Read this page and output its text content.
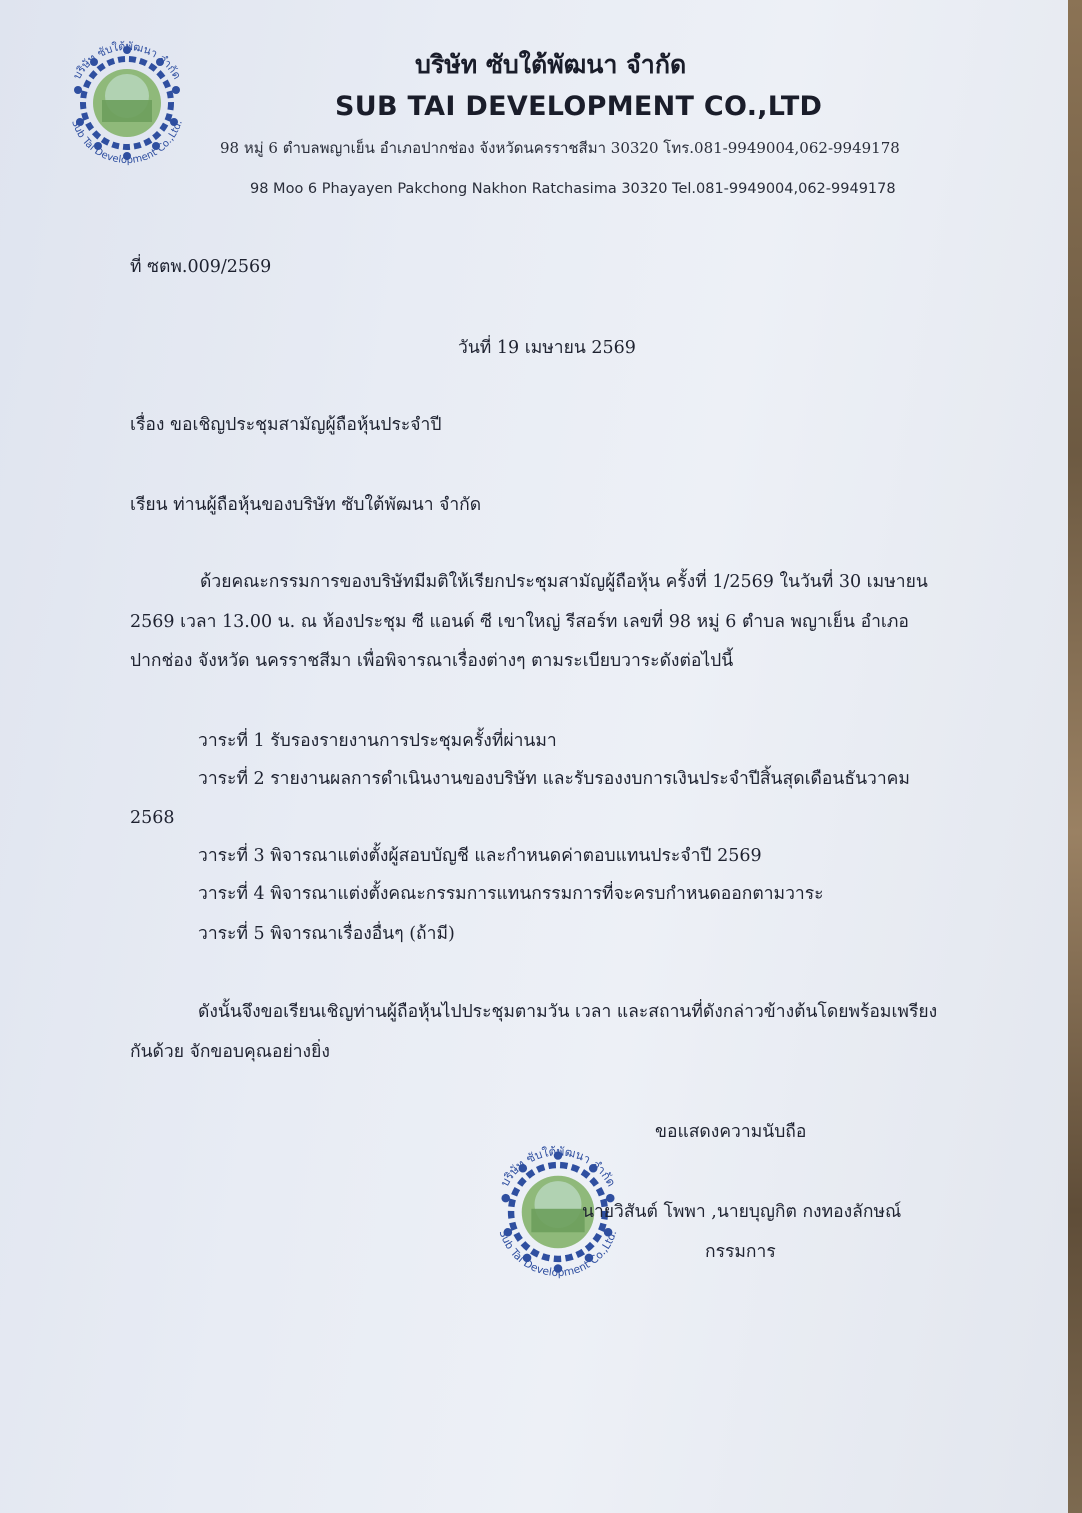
บริษัท ซับใต้พัฒนา จำกัด
Sub Tai Development Co.,Ltd.
บริษัท ซับใต้พัฒนา จำกัด
SUB TAI DEVELOPMENT CO.,LTD
98 หมู่ 6 ตำบลพญาเย็น อำเภอปากช่อง จังหวัดนครราชสีมา 30320 โทร.081-9949004,062-9949178
98 Moo 6 Phayayen Pakchong Nakhon Ratchasima 30320 Tel.081-9949004,062-9949178
ที่ ซตพ.009/2569
วันที่ 19 เมษายน 2569
เรื่อง ขอเชิญประชุมสามัญผู้ถือหุ้นประจำปี
เรียน ท่านผู้ถือหุ้นของบริษัท ซับใต้พัฒนา จำกัด
ด้วยคณะกรรมการของบริษัทมีมติให้เรียกประชุมสามัญผู้ถือหุ้น ครั้งที่ 1/2569 ในวันที่ 30 เมษายน
2569 เวลา 13.00 น. ณ ห้องประชุม ซี แอนด์ ซี เขาใหญ่ รีสอร์ท เลขที่ 98 หมู่ 6 ตำบล พญาเย็น อำเภอ
ปากช่อง จังหวัด นครราชสีมา เพื่อพิจารณาเรื่องต่างๆ ตามระเบียบวาระดังต่อไปนี้
วาระที่ 1 รับรองรายงานการประชุมครั้งที่ผ่านมา
วาระที่ 2 รายงานผลการดำเนินงานของบริษัท และรับรองงบการเงินประจำปีสิ้นสุดเดือนธันวาคม
2568
วาระที่ 3 พิจารณาแต่งตั้งผู้สอบบัญชี และกำหนดค่าตอบแทนประจำปี 2569
วาระที่ 4 พิจารณาแต่งตั้งคณะกรรมการแทนกรรมการที่จะครบกำหนดออกตามวาระ
วาระที่ 5 พิจารณาเรื่องอื่นๆ (ถ้ามี)
ดังนั้นจึงขอเรียนเชิญท่านผู้ถือหุ้นไปประชุมตามวัน เวลา และสถานที่ดังกล่าวข้างต้นโดยพร้อมเพรียง
กันด้วย จักขอบคุณอย่างยิ่ง
ขอแสดงความนับถือ
บริษัท ซับใต้พัฒนา จำกัด
Sub Tai Development Co.,Ltd.
นายวิสันต์ โพพา ,นายบุญกิต กงทองลักษณ์
กรรมการ
